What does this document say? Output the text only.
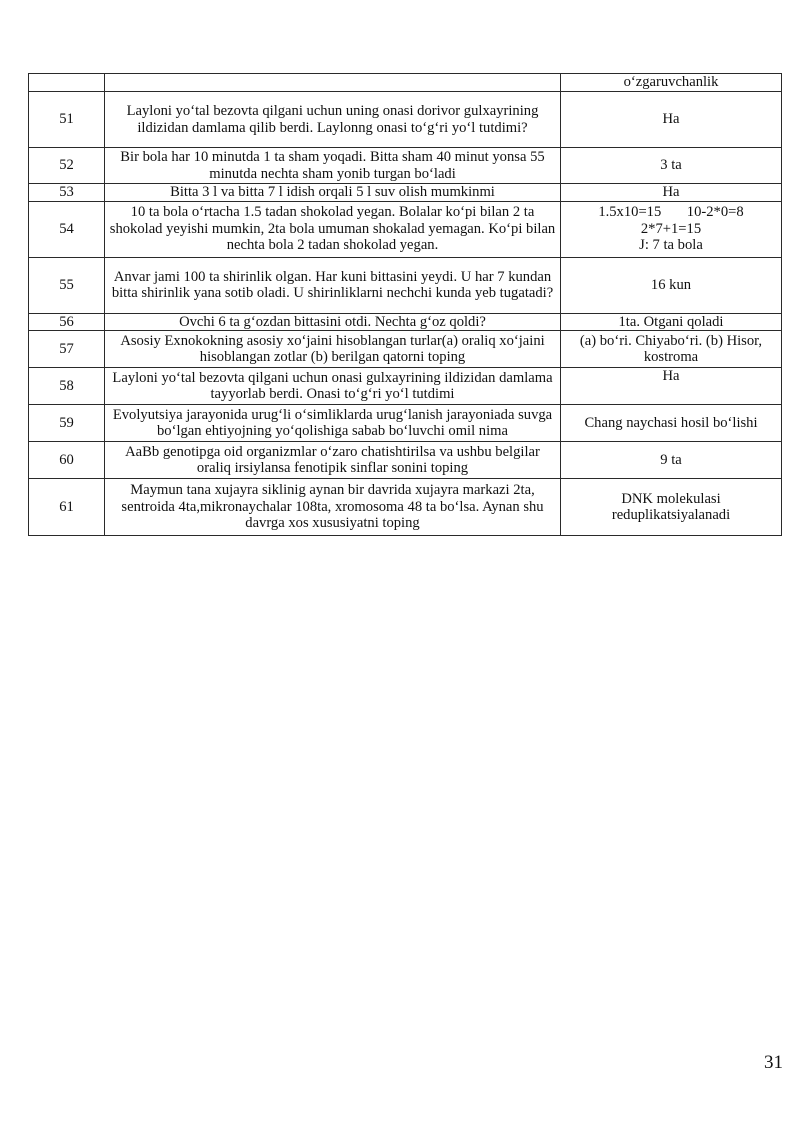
		o‘zgaruvchanlik

51	Layloni yo‘tal bezovta qilgani uchun uning onasi dorivor gulxayrining ildizidan damlama qilib berdi. Laylonng onasi to‘g‘ri yo‘l tutdimi?	Ha

52	Bir bola har 10 minutda 1 ta sham yoqadi. Bitta sham 40 minut yonsa 55 minutda nechta sham yonib turgan bo‘ladi	3 ta

53	Bitta 3 l va bitta 7 l idish orqali 5 l suv olish mumkinmi	Ha

54	10 ta bola o‘rtacha 1.5 tadan shokolad yegan. Bolalar ko‘pi bilan 2 ta shokolad yeyishi mumkin, 2ta bola umuman shokalad yemagan. Ko‘pi bilan nechta bola 2 tadan shokolad yegan.	1.5x10=15       10-2*0=8
2*7+1=15
J: 7 ta bola

55	Anvar jami 100 ta shirinlik olgan. Har kuni bittasini yeydi. U har 7 kundan bitta shirinlik yana sotib oladi. U shirinliklarni nechchi kunda yeb tugatadi?	16 kun

56	Ovchi 6 ta g‘ozdan bittasini otdi. Nechta g‘oz qoldi?	1ta. Otgani qoladi

57	Asosiy Exnokokning asosiy xo‘jaini hisoblangan turlar(a) oraliq xo‘jaini hisoblangan zotlar (b) berilgan qatorni toping	(a) bo‘ri. Chiyabo‘ri. (b) Hisor,
kostroma

58	Layloni yo‘tal bezovta qilgani uchun onasi gulxayrining ildizidan damlama tayyorlab berdi. Onasi to‘g‘ri yo‘l tutdimi	Ha

59	Evolyutsiya jarayonida urug‘li o‘simliklarda urug‘lanish jarayoniada suvga bo‘lgan ehtiyojning yo‘qolishiga sabab bo‘luvchi omil nima	Chang naychasi hosil bo‘lishi

60	AaBb genotipga oid organizmlar o‘zaro chatishtirilsa va ushbu belgilar oraliq irsiylansa fenotipik sinflar sonini toping	9 ta

61	Maymun tana xujayra siklinig aynan bir davrida xujayra markazi 2ta, sentroida 4ta,mikronaychalar 108ta, xromosoma 48 ta bo‘lsa. Aynan shu davrga xos xususiyatni toping	DNK molekulasi
reduplikatsiyalanadi
31
